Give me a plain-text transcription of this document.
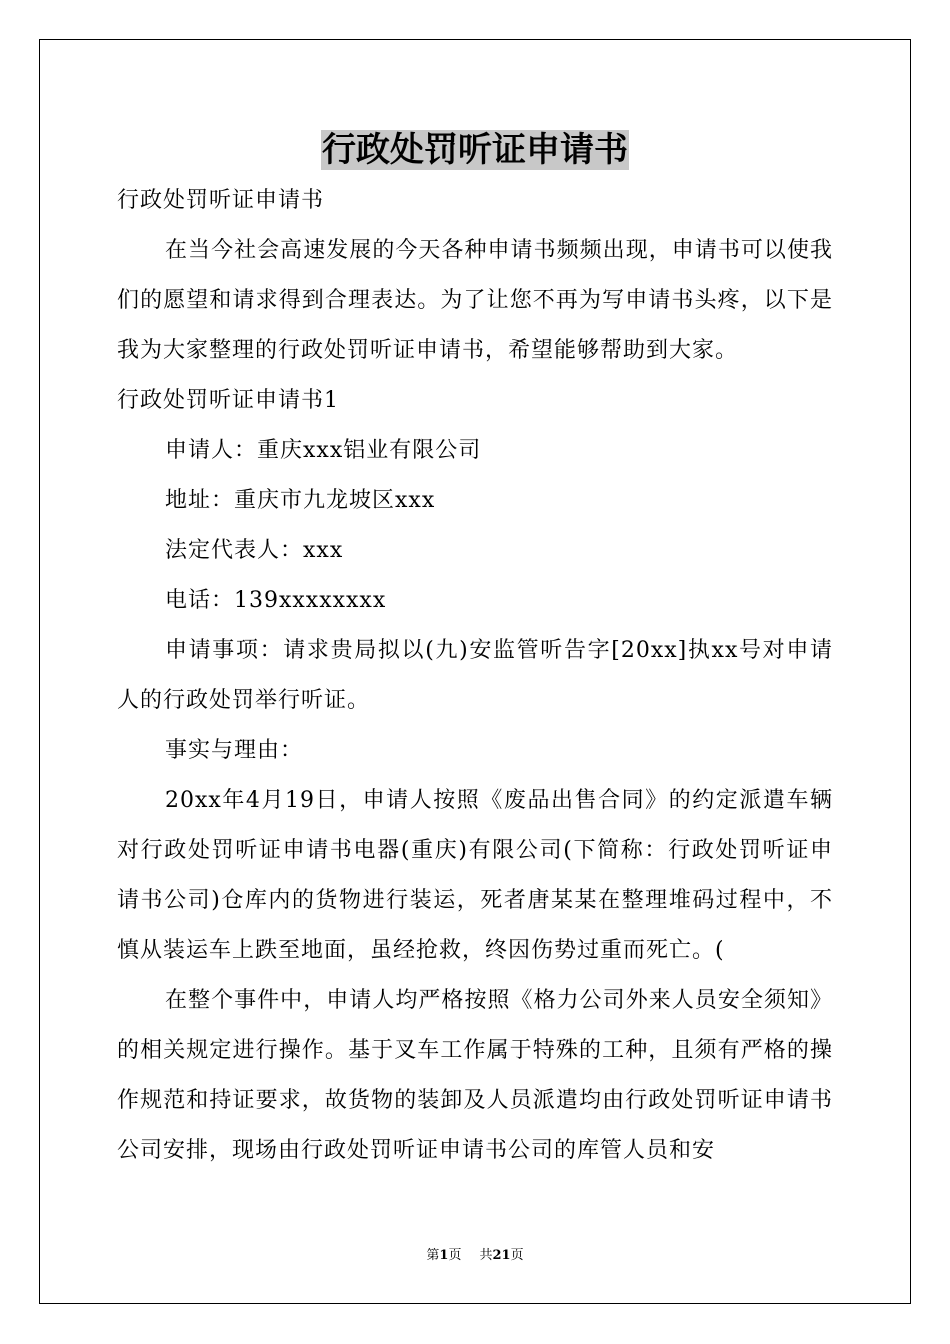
行政处罚听证申请书

行政处罚听证申请书

在当今社会高速发展的今天各种申请书频频出现，申请书可以使我们的愿望和请求得到合理表达。为了让您不再为写申请书头疼，以下是我为大家整理的行政处罚听证申请书，希望能够帮助到大家。

行政处罚听证申请书1

申请人：重庆xxx铝业有限公司

地址：重庆市九龙坡区xxx

法定代表人：xxx

电话：139xxxxxxxx

申请事项：请求贵局拟以(九)安监管听告字[20xx]执xx号对申请人的行政处罚举行听证。

事实与理由：

20xx年4月19日，申请人按照《废品出售合同》的约定派遣车辆对行政处罚听证申请书电器(重庆)有限公司(下简称：行政处罚听证申请书公司)仓库内的货物进行装运，死者唐某某在整理堆码过程中，不慎从装运车上跌至地面，虽经抢救，终因伤势过重而死亡。(

在整个事件中，申请人均严格按照《格力公司外来人员安全须知》的相关规定进行操作。基于叉车工作属于特殊的工种，且须有严格的操作规范和持证要求，故货物的装卸及人员派遣均由行政处罚听证申请书公司安排，现场由行政处罚听证申请书公司的库管人员和安

第1页 共21页
